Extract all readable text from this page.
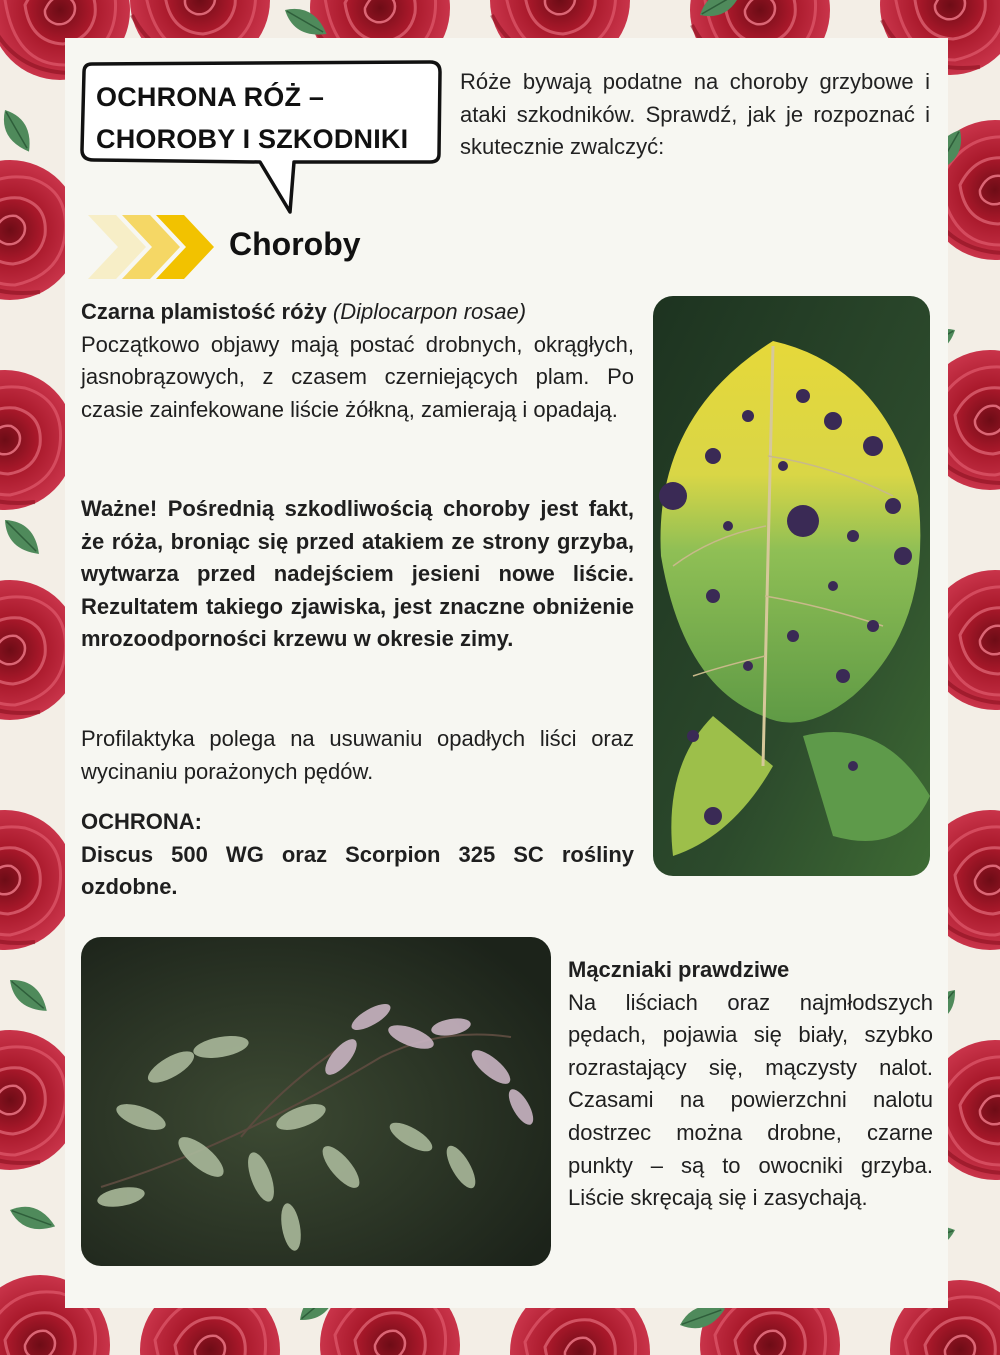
OCHRONA RÓŻ –
CHOROBY I SZKODNIKI

Róże bywają podatne na choroby grzybowe i ataki szkodników. Sprawdź, jak je rozpoznać i skutecznie zwalczyć:

Choroby
Czarna plamistość róży (Diplocarpon rosae)
Początkowo objawy mają postać drobnych, okrągłych, jasnobrązowych, z czasem czerniejących plam. Po czasie zainfekowane liście żółkną, zamierają i opadają.
Ważne! Pośrednią szkodliwością choroby jest fakt, że róża, broniąc się przed atakiem ze strony grzyba, wytwarza przed nadejściem jesieni nowe liście. Rezultatem takiego zjawiska, jest znaczne obniżenie mrozoodporności krzewu w okresie zimy.
Profilaktyka polega na usuwaniu opadłych liści oraz wycinaniu porażonych pędów.
OCHRONA:
Discus 500 WG oraz Scorpion 325 SC rośliny ozdobne.
Mączniaki prawdziwe
Na liściach oraz najmłodszych pędach, pojawia się biały, szybko rozrastający się, mączysty nalot. Czasami na powierzchni nalotu dostrzec można drobne, czarne punkty – są to owocniki grzyba. Liście skręcają się i zasychają.
